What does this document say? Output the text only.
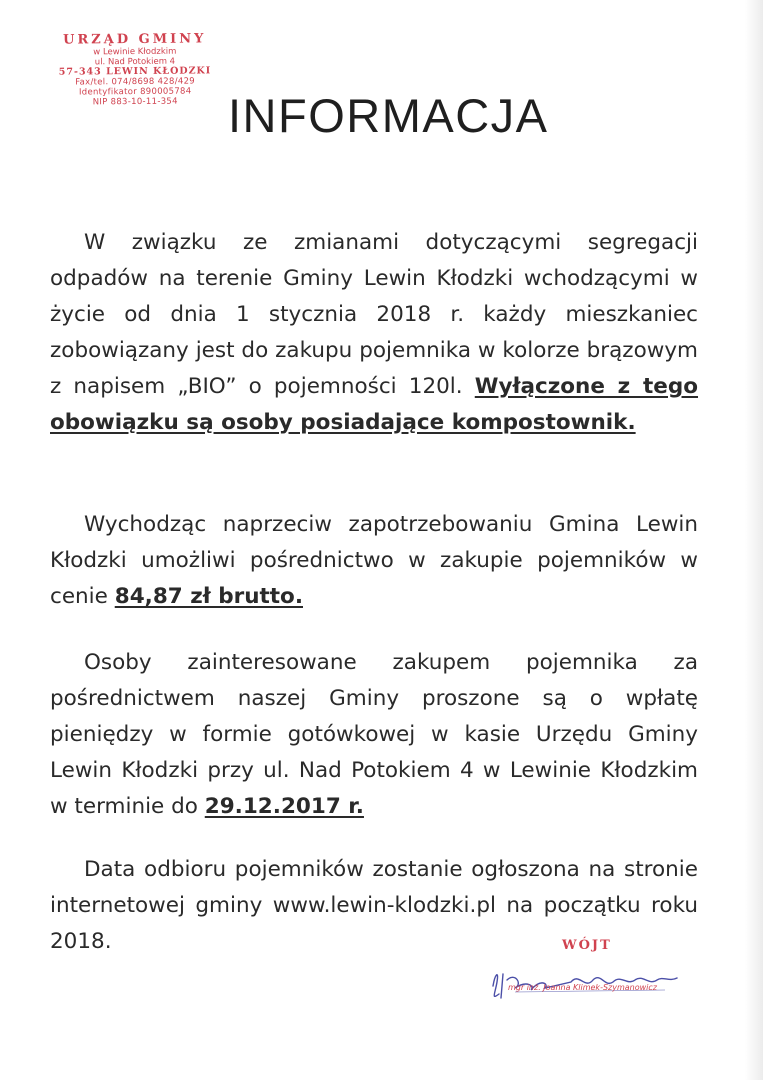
URZĄD GMINY
w Lewinie Kłodzkim
ul. Nad Potokiem 4
57-343 LEWIN KŁODZKI
Fax/tel. 074/8698 428/429
Identyfikator 890005784
NIP 883-10-11-354	INFORMACJA

W związku ze zmianami dotyczącymi segregacji odpadów na terenie Gminy Lewin Kłodzki wchodzącymi w życie od dnia 1 stycznia 2018 r. każdy mieszkaniec zobowiązany jest do zakupu pojemnika w kolorze brązowym z napisem „BIO” o pojemności 120l. Wyłączone z tego obowiązku są osoby posiadające kompostownik.

Wychodząc naprzeciw zapotrzebowaniu Gmina Lewin Kłodzki umożliwi pośrednictwo w zakupie pojemników w cenie 84,87 zł brutto.

Osoby zainteresowane zakupem pojemnika za pośrednictwem naszej Gminy proszone są o wpłatę pieniędzy w formie gotówkowej w kasie Urzędu Gminy Lewin Kłodzki przy ul. Nad Potokiem 4 w Lewinie Kłodzkim w terminie do 29.12.2017 r.

Data odbioru pojemników zostanie ogłoszona na stronie internetowej gminy www.lewin-klodzki.pl na początku roku 2018.	WÓJT
mgr inż. Joanna Klimek-Szymanowicz
